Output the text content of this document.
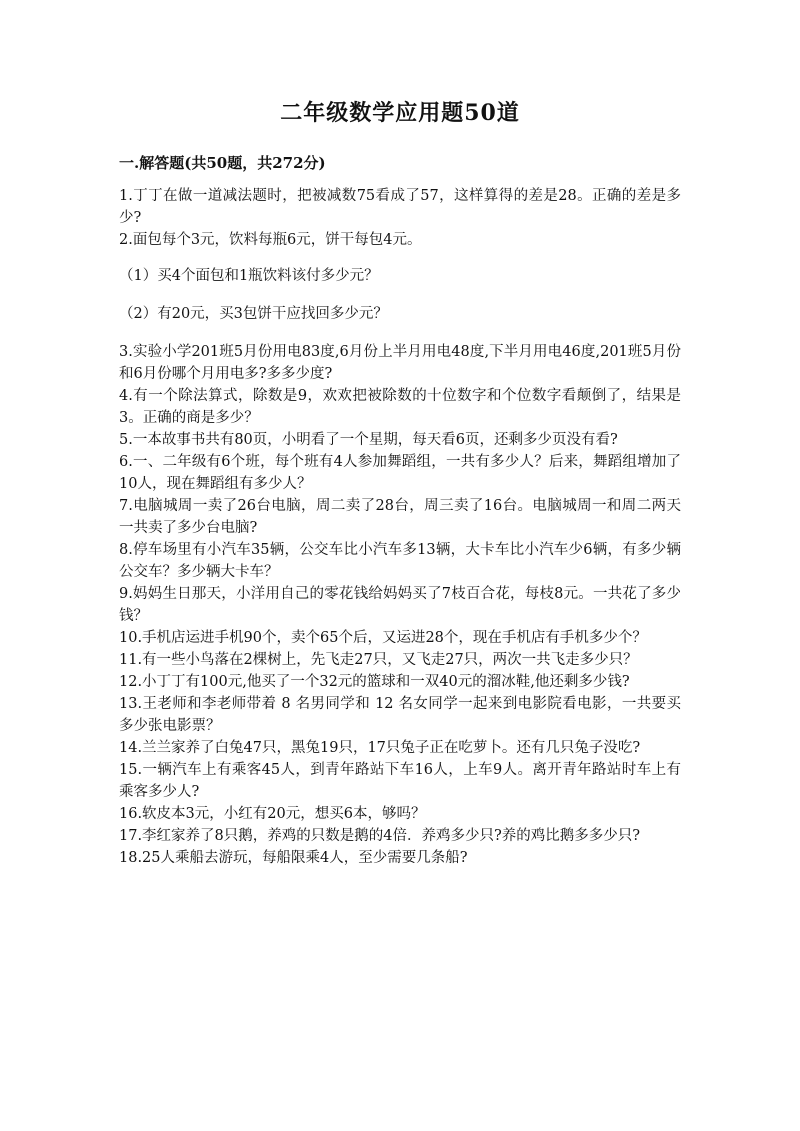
二年级数学应用题50道
一.解答题(共50题，共272分)

1.丁丁在做一道减法题时，把被减数75看成了57，这样算得的差是28。正确的差是多少?

2.面包每个3元，饮料每瓶6元，饼干每包4元。

（1）买4个面包和1瓶饮料该付多少元？

（2）有20元，买3包饼干应找回多少元？

3.实验小学201班5月份用电83度,6月份上半月用电48度,下半月用电46度,201班5月份和6月份哪个月用电多?多多少度?

4.有一个除法算式，除数是9，欢欢把被除数的十位数字和个位数字看颠倒了，结果是3。正确的商是多少？

5.一本故事书共有80页，小明看了一个星期，每天看6页，还剩多少页没有看?

6.一、二年级有6个班，每个班有4人参加舞蹈组，一共有多少人？后来，舞蹈组增加了10人，现在舞蹈组有多少人？

7.电脑城周一卖了26台电脑，周二卖了28台，周三卖了16台。电脑城周一和周二两天一共卖了多少台电脑?

8.停车场里有小汽车35辆，公交车比小汽车多13辆，大卡车比小汽车少6辆，有多少辆公交车？多少辆大卡车？

9.妈妈生日那天，小洋用自己的零花钱给妈妈买了7枝百合花，每枝8元。一共花了多少钱？

10.手机店运进手机90个，卖个65个后，又运进28个，现在手机店有手机多少个？

11.有一些小鸟落在2棵树上，先飞走27只，又飞走27只，两次一共飞走多少只？

12.小丁丁有100元,他买了一个32元的篮球和一双40元的溜冰鞋,他还剩多少钱?

13.王老师和李老师带着 8 名男同学和 12 名女同学一起来到电影院看电影，一共要买多少张电影票？

14.兰兰家养了白兔47只，黑兔19只，17只兔子正在吃萝卜。还有几只兔子没吃?

15.一辆汽车上有乘客45人，到青年路站下车16人，上车9人。离开青年路站时车上有乘客多少人?

16.软皮本3元，小红有20元，想买6本，够吗？

17.李红家养了8只鹅，养鸡的只数是鹅的4倍．养鸡多少只?养的鸡比鹅多多少只?

18.25人乘船去游玩，每船限乘4人，至少需要几条船?
